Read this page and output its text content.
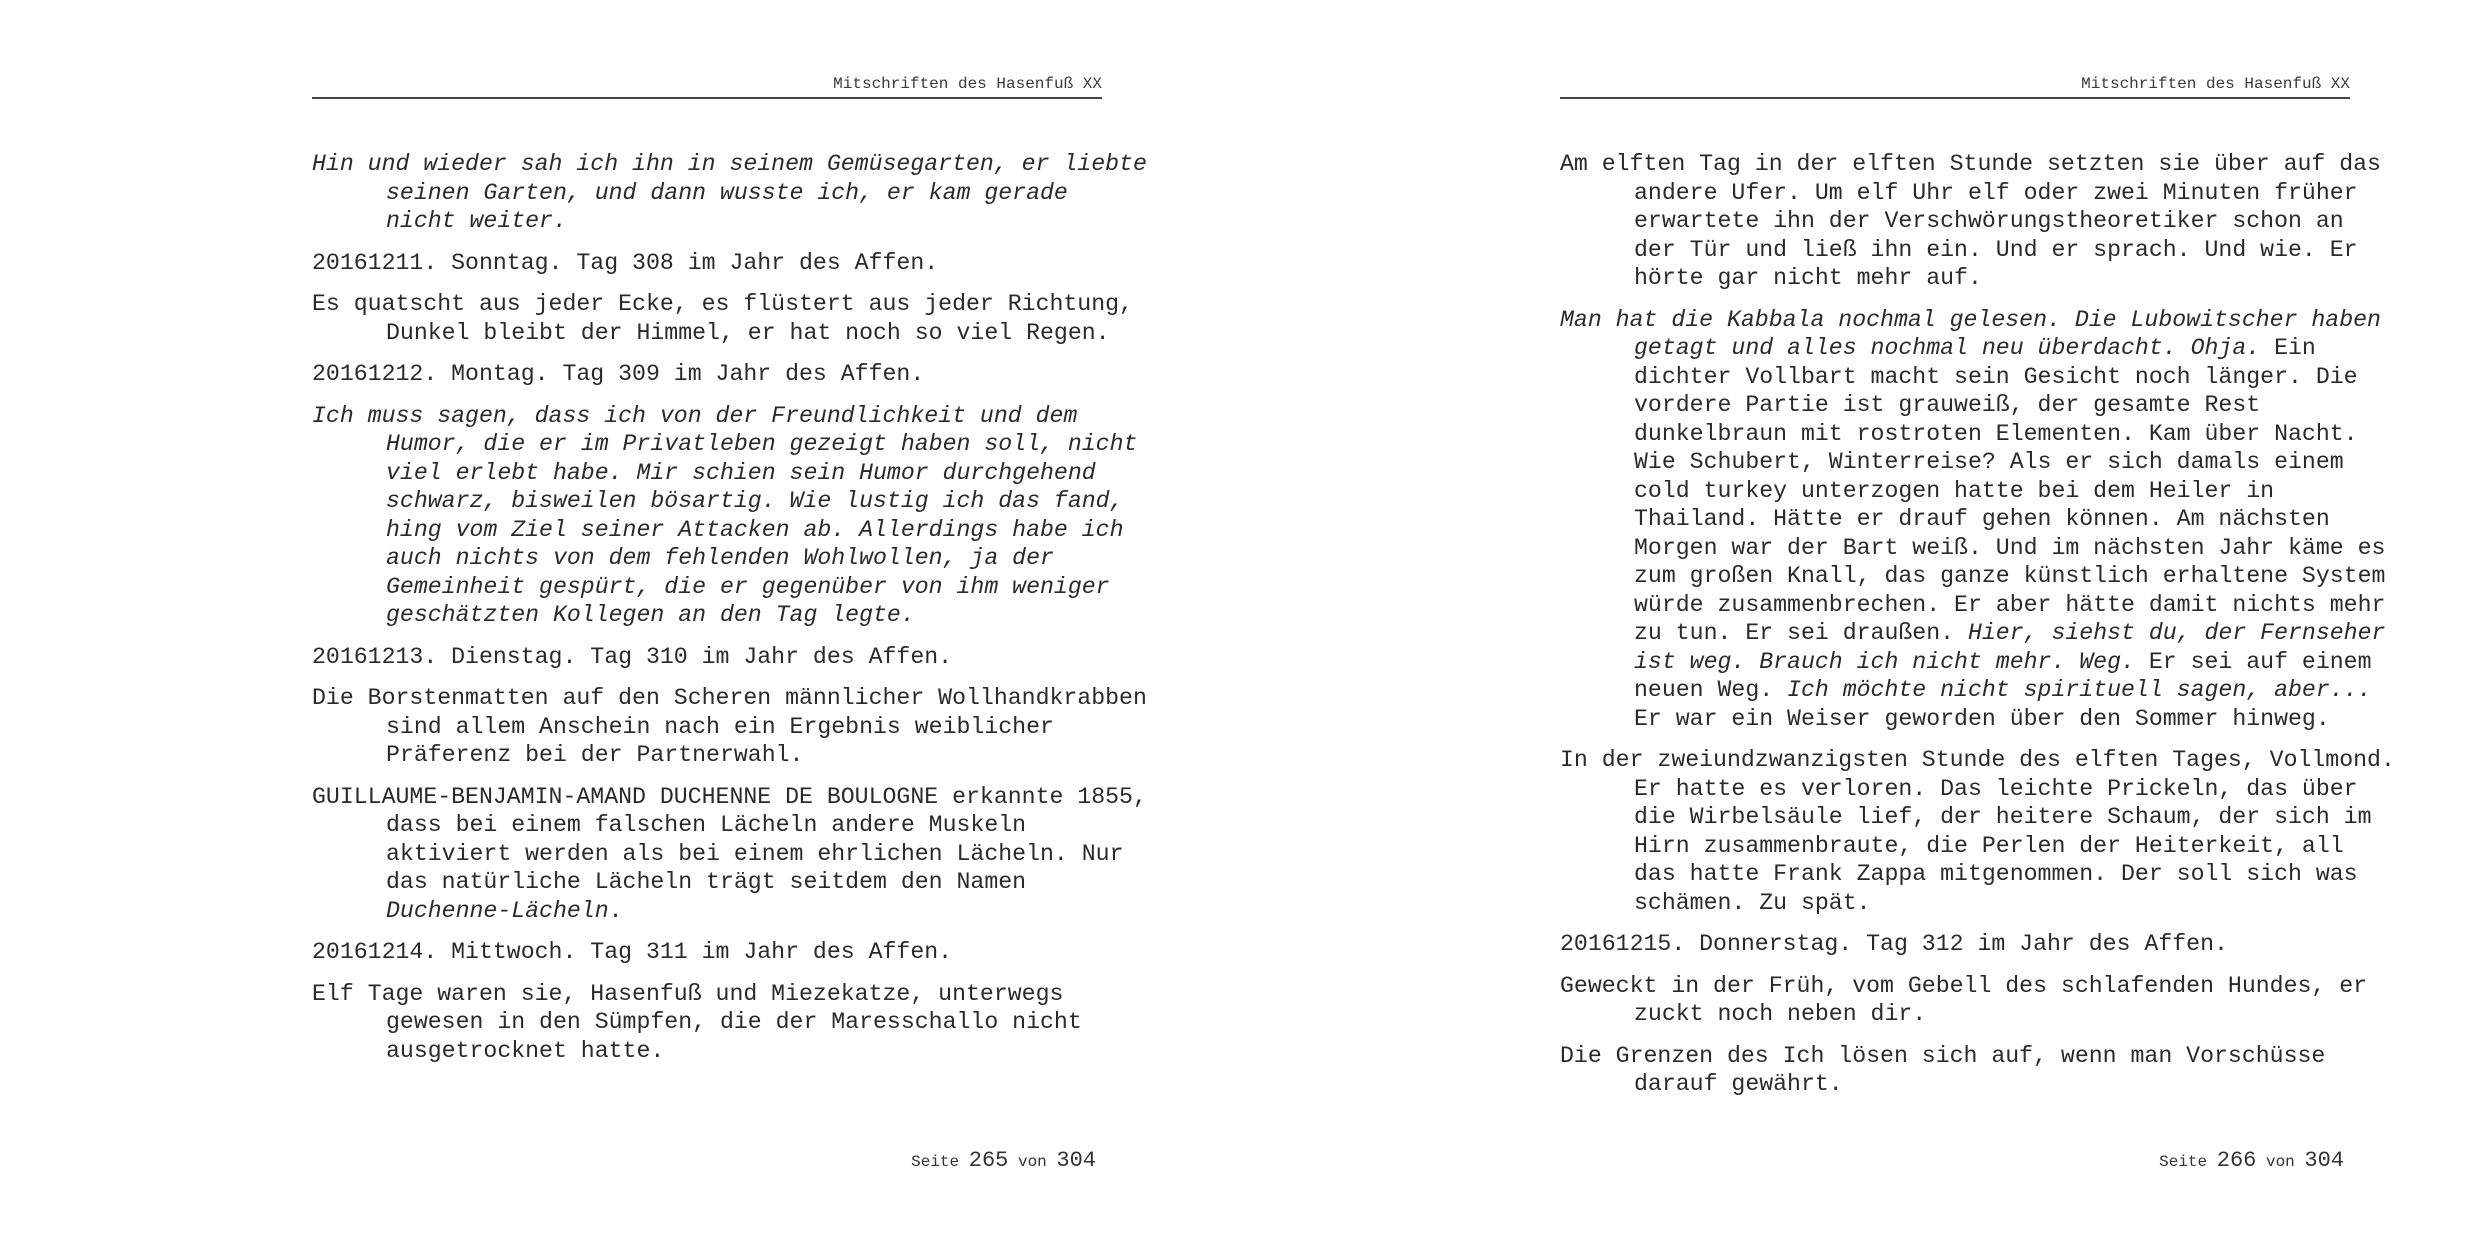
Mitschriften des Hasenfuß XX

Hin und wieder sah ich ihn in seinem Gemüsegarten, er liebte
seinen Garten, und dann wusste ich, er kam gerade
nicht weiter.

20161211. Sonntag. Tag 308 im Jahr des Affen.

Es quatscht aus jeder Ecke, es flüstert aus jeder Richtung,
Dunkel bleibt der Himmel, er hat noch so viel Regen.

20161212. Montag. Tag 309 im Jahr des Affen.

Ich muss sagen, dass ich von der Freundlichkeit und dem
Humor, die er im Privatleben gezeigt haben soll, nicht
viel erlebt habe. Mir schien sein Humor durchgehend
schwarz, bisweilen bösartig. Wie lustig ich das fand,
hing vom Ziel seiner Attacken ab. Allerdings habe ich
auch nichts von dem fehlenden Wohlwollen, ja der
Gemeinheit gespürt, die er gegenüber von ihm weniger
geschätzten Kollegen an den Tag legte.

20161213. Dienstag. Tag 310 im Jahr des Affen.

Die Borstenmatten auf den Scheren männlicher Wollhandkrabben
sind allem Anschein nach ein Ergebnis weiblicher
Präferenz bei der Partnerwahl.

GUILLAUME-BENJAMIN-AMAND DUCHENNE DE BOULOGNE erkannte 1855,
dass bei einem falschen Lächeln andere Muskeln
aktiviert werden als bei einem ehrlichen Lächeln. Nur
das natürliche Lächeln trägt seitdem den Namen
Duchenne-Lächeln.

20161214. Mittwoch. Tag 311 im Jahr des Affen.

Elf Tage waren sie, Hasenfuß und Miezekatze, unterwegs
gewesen in den Sümpfen, die der Maresschallo nicht
ausgetrocknet hatte.

Seite 265 von 304
Mitschriften des Hasenfuß XX

Am elften Tag in der elften Stunde setzten sie über auf das
andere Ufer. Um elf Uhr elf oder zwei Minuten früher
erwartete ihn der Verschwörungstheoretiker schon an
der Tür und ließ ihn ein. Und er sprach. Und wie. Er
hörte gar nicht mehr auf.

Man hat die Kabbala nochmal gelesen. Die Lubowitscher haben
getagt und alles nochmal neu überdacht. Ohja. Ein
dichter Vollbart macht sein Gesicht noch länger. Die
vordere Partie ist grauweiß, der gesamte Rest
dunkelbraun mit rostroten Elementen. Kam über Nacht.
Wie Schubert, Winterreise? Als er sich damals einem
cold turkey unterzogen hatte bei dem Heiler in
Thailand. Hätte er drauf gehen können. Am nächsten
Morgen war der Bart weiß. Und im nächsten Jahr käme es
zum großen Knall, das ganze künstlich erhaltene System
würde zusammenbrechen. Er aber hätte damit nichts mehr
zu tun. Er sei draußen. Hier, siehst du, der Fernseher
ist weg. Brauch ich nicht mehr. Weg. Er sei auf einem
neuen Weg. Ich möchte nicht spirituell sagen, aber...
Er war ein Weiser geworden über den Sommer hinweg.

In der zweiundzwanzigsten Stunde des elften Tages, Vollmond.
Er hatte es verloren. Das leichte Prickeln, das über
die Wirbelsäule lief, der heitere Schaum, der sich im
Hirn zusammenbraute, die Perlen der Heiterkeit, all
das hatte Frank Zappa mitgenommen. Der soll sich was
schämen. Zu spät.

20161215. Donnerstag. Tag 312 im Jahr des Affen.

Geweckt in der Früh, vom Gebell des schlafenden Hundes, er
zuckt noch neben dir.

Die Grenzen des Ich lösen sich auf, wenn man Vorschüsse
darauf gewährt.

Seite 266 von 304
